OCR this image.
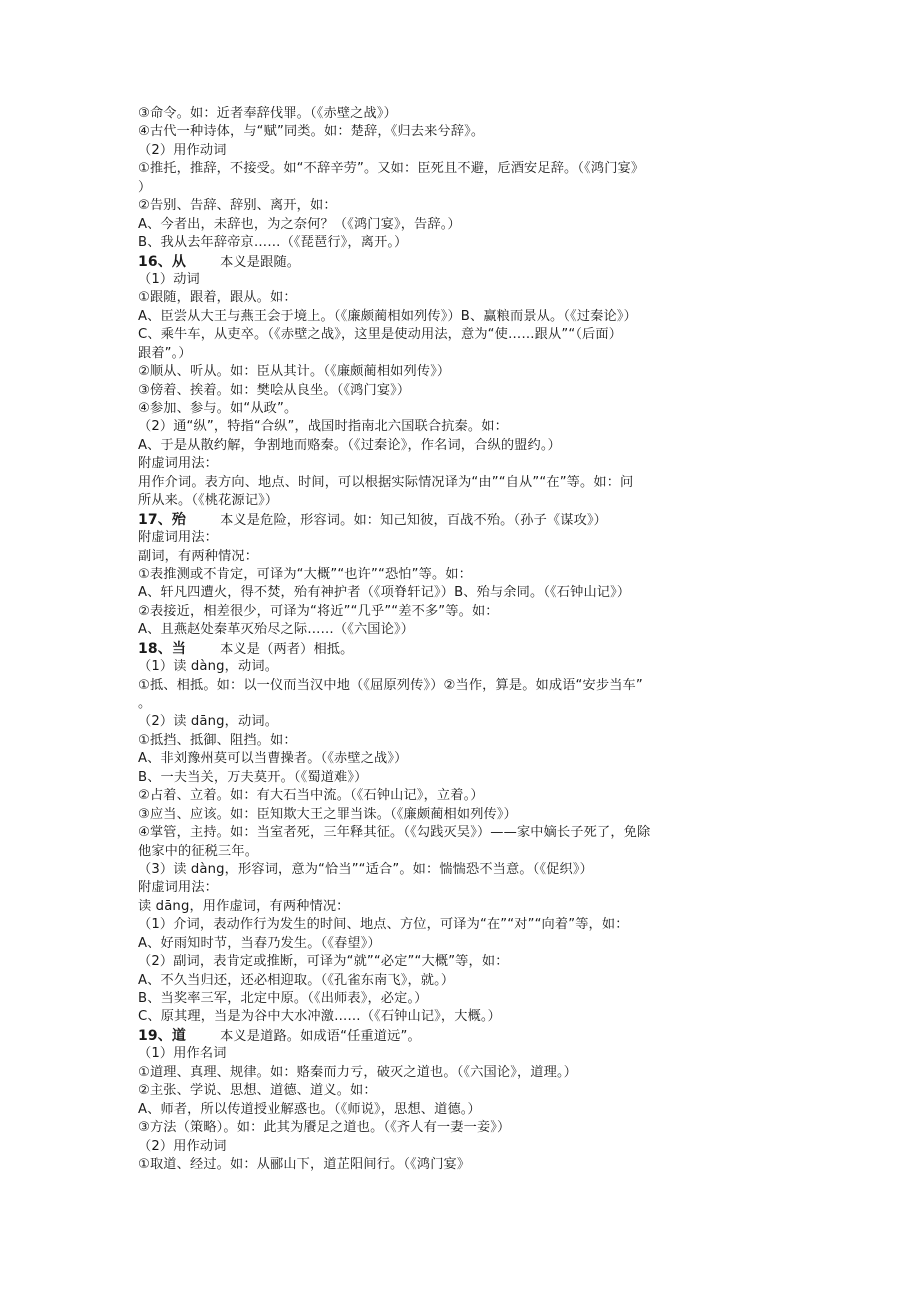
③命令。如：近者奉辞伐罪。（《赤壁之战》）
④古代一种诗体，与“赋”同类。如：楚辞，《归去来兮辞》。
（2）用作动词
①推托，推辞，不接受。如“不辞辛劳”。又如：臣死且不避，卮酒安足辞。（《鸿门宴》
）
②告别、告辞、辞别、离开，如：
A、今者出，未辞也，为之奈何？（《鸿门宴》，告辞。）
B、我从去年辞帝京……（《琵琶行》，离开。）
16、从	本义是跟随。
（1）动词
①跟随，跟着，跟从。如：
A、臣尝从大王与燕王会于境上。（《廉颇蔺相如列传》）B、赢粮而景从。（《过秦论》）
C、乘牛车，从吏卒。（《赤壁之战》，这里是使动用法，意为“使……跟从”“（后面）
跟着”。）
②顺从、听从。如：臣从其计。（《廉颇蔺相如列传》）
③傍着、挨着。如：樊哙从良坐。（《鸿门宴》）
④参加、参与。如“从政”。
（2）通“纵”，特指“合纵”，战国时指南北六国联合抗秦。如：
A、于是从散约解，争割地而赂秦。（《过秦论》，作名词，合纵的盟约。）
附虚词用法：
用作介词。表方向、地点、时间，可以根据实际情况译为“由”“自从”“在”等。如：问
所从来。（《桃花源记》）
17、殆	本义是危险，形容词。如：知己知彼，百战不殆。（孙子《谋攻》）
附虚词用法：
副词，有两种情况：
①表推测或不肯定，可译为“大概”“也许”“恐怕”等。如：
A、轩凡四遭火，得不焚，殆有神护者（《项脊轩记》）B、殆与余同。（《石钟山记》）
②表接近，相差很少，可译为“将近”“几乎”“差不多”等。如：
A、且燕赵处秦革灭殆尽之际……（《六国论》）
18、当	本义是（两者）相抵。
（1）读 dàng，动词。
①抵、相抵。如：以一仪而当汉中地（《屈原列传》）②当作，算是。如成语“安步当车”
。
（2）读 dāng，动词。
①抵挡、抵御、阻挡。如：
A、非刘豫州莫可以当曹操者。（《赤壁之战》）
B、一夫当关，万夫莫开。（《蜀道难》）
②占着、立着。如：有大石当中流。（《石钟山记》，立着。）
③应当、应该。如：臣知欺大王之罪当诛。（《廉颇蔺相如列传》）
④掌管，主持。如：当室者死，三年释其征。（《勾践灭吴》）——家中嫡长子死了，免除
他家中的征税三年。
（3）读 dàng，形容词，意为“恰当”“适合”。如：惴惴恐不当意。（《促织》）
附虚词用法：
读 dāng，用作虚词，有两种情况：
（1）介词，表动作行为发生的时间、地点、方位，可译为“在”“对”“向着”等，如：
A、好雨知时节，当春乃发生。（《春望》）
（2）副词，表肯定或推断，可译为“就”“必定”“大概”等，如：
A、不久当归还，还必相迎取。（《孔雀东南飞》，就。）
B、当奖率三军，北定中原。（《出师表》，必定。）
C、原其理，当是为谷中大水冲激……（《石钟山记》，大概。）
19、道	本义是道路。如成语“任重道远”。
（1）用作名词
①道理、真理、规律。如：赂秦而力亏，破灭之道也。（《六国论》，道理。）
②主张、学说、思想、道德、道义。如：
A、师者，所以传道授业解惑也。（《师说》，思想、道德。）
③方法（策略）。如：此其为餍足之道也。（《齐人有一妻一妾》）
（2）用作动词
①取道、经过。如：从郦山下，道芷阳间行。（《鸿门宴》
